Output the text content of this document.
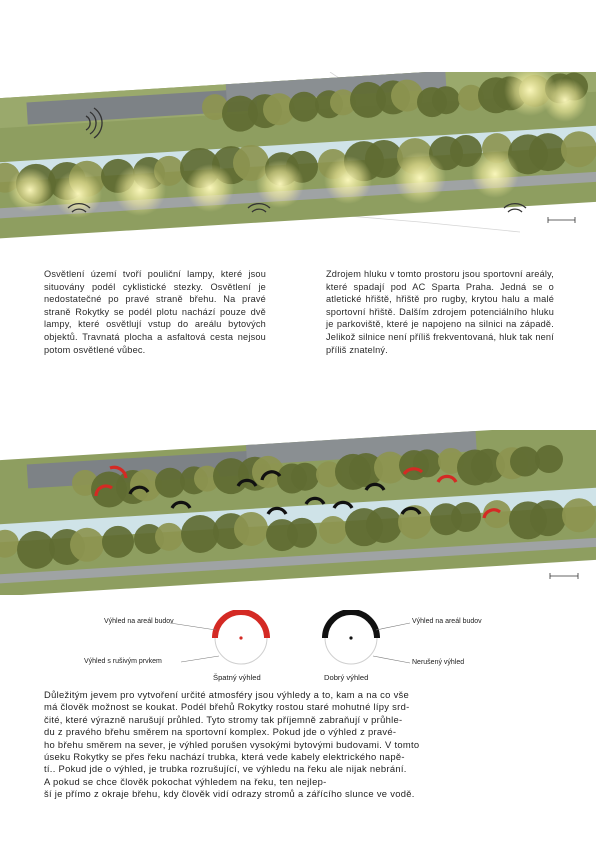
Osvětlení území tvoří pouliční lampy, které jsou situovány podél cyklistické stezky. Osvětlení je nedostatečné po pravé straně břehu. Na pravé straně Rokytky se podél plotu nachází pouze dvě lampy, které osvětlují vstup do areálu bytových objektů. Travnatá plocha a asfaltová cesta nejsou potom osvětlené vůbec.
Zdrojem hluku v tomto prostoru jsou sportovní areály, které spadají pod AC Sparta Praha. Jedná se o atletické hřiště, hřiště pro rugby, krytou halu a malé sportovní hřiště. Dalším zdrojem potenciálního hluku je parkoviště, které je napojeno na silnici na západě. Jelikož silnice není příliš frekventovaná, hluk tak není příliš znatelný.
Výhled na areál budov
Výhled s rušivým prvkem
Špatný výhled
Výhled na areál budov
Nerušený výhled
Dobrý výhled
Důležitým jevem pro vytvoření určité atmosféry jsou výhledy a to, kam a na co vše
má člověk možnost se koukat. Podél břehů Rokytky rostou staré mohutné lípy srd-
čité, které výrazně narušují průhled. Tyto stromy tak příjemně zabraňují v průhle-
du z pravého břehu směrem na sportovní komplex. Pokud jde o výhled z pravé-
ho břehu směrem na sever, je výhled porušen vysokými bytovými budovami. V tomto
úseku Rokytky se přes řeku nachází trubka, která vede kabely elektrického napě-
tí.. Pokud jde o výhled, je trubka rozrušující, ve výhledu na řeku ale nijak nebrání.
A pokud se chce člověk pokochat výhledem na řeku, ten nejlep-
ší je přímo z okraje břehu, kdy člověk vidí odrazy stromů a zářícího slunce ve vodě.
